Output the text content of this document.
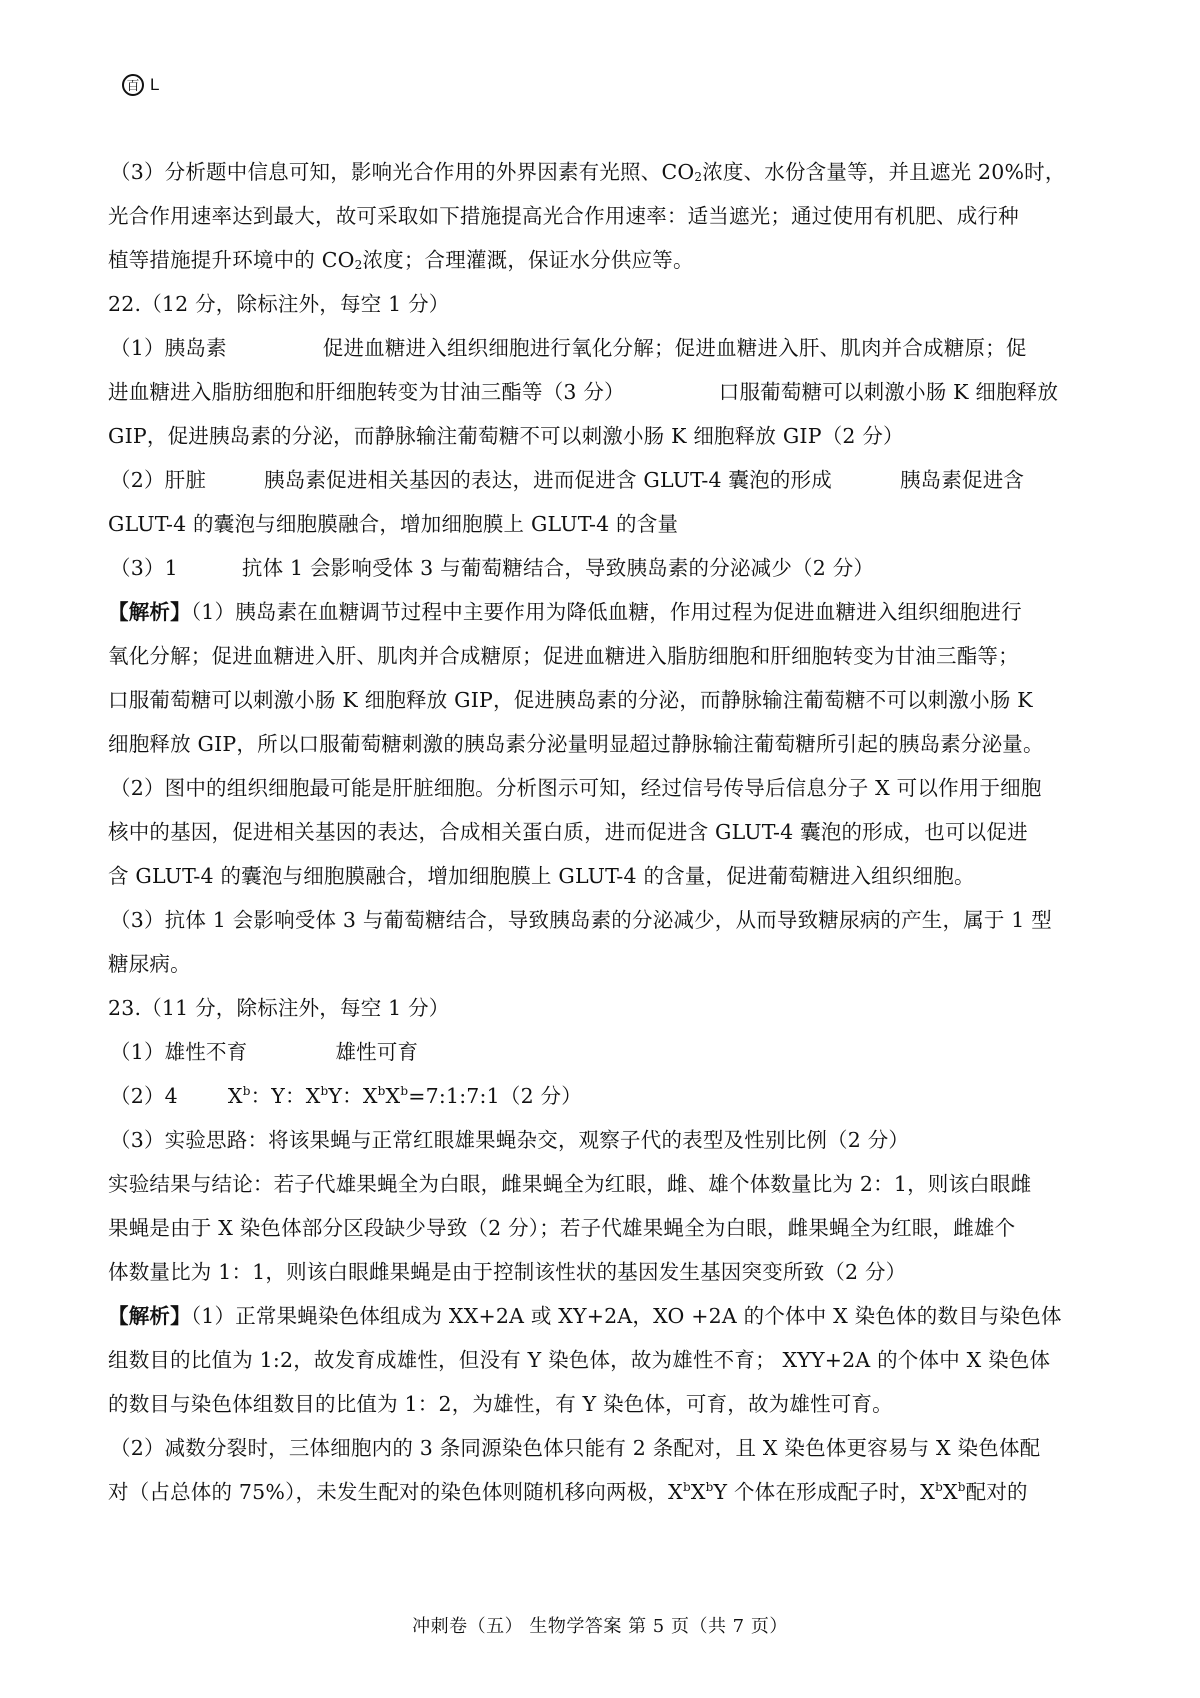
百 L
（3）分析题中信息可知，影响光合作用的外界因素有光照、$CO_2$浓度、水份含量等，并且遮光 20%时，
光合作用速率达到最大，故可采取如下措施提高光合作用速率：适当遮光；通过使用有机肥、成行种
植等措施提升环境中的 $CO_2$浓度；合理灌溉，保证水分供应等。
22.（12 分，除标注外，每空 1 分）
（1）胰岛素	促进血糖进入组织细胞进行氧化分解；促进血糖进入肝、肌肉并合成糖原；促
进血糖进入脂肪细胞和肝细胞转变为甘油三酯等（3 分）	口服葡萄糖可以刺激小肠 K 细胞释放
GIP，促进胰岛素的分泌，而静脉输注葡萄糖不可以刺激小肠 K 细胞释放 GIP（2 分）
（2）肝脏	胰岛素促进相关基因的表达，进而促进含 GLUT-4 囊泡的形成	胰岛素促进含
GLUT-4 的囊泡与细胞膜融合，增加细胞膜上 GLUT-4 的含量
（3）1	抗体 1 会影响受体 3 与葡萄糖结合，导致胰岛素的分泌减少（2 分）
【解析】（1）胰岛素在血糖调节过程中主要作用为降低血糖，作用过程为促进血糖进入组织细胞进行
氧化分解；促进血糖进入肝、肌肉并合成糖原；促进血糖进入脂肪细胞和肝细胞转变为甘油三酯等；
口服葡萄糖可以刺激小肠 K 细胞释放 GIP，促进胰岛素的分泌，而静脉输注葡萄糖不可以刺激小肠 K
细胞释放 GIP，所以口服葡萄糖刺激的胰岛素分泌量明显超过静脉输注葡萄糖所引起的胰岛素分泌量。
（2）图中的组织细胞最可能是肝脏细胞。分析图示可知，经过信号传导后信息分子 X 可以作用于细胞
核中的基因，促进相关基因的表达，合成相关蛋白质，进而促进含 GLUT-4 囊泡的形成，也可以促进
含 GLUT-4 的囊泡与细胞膜融合，增加细胞膜上 GLUT-4 的含量，促进葡萄糖进入组织细胞。
（3）抗体 1 会影响受体 3 与葡萄糖结合，导致胰岛素的分泌减少，从而导致糖尿病的产生，属于 1 型
糖尿病。
23.（11 分，除标注外，每空 1 分）
（1）雄性不育	雄性可育
（2）4 $X^b$：Y：$X^bY$：$X^bX^b=7:1:7:1(2$ 分）
（3）实验思路：将该果蝇与正常红眼雄果蝇杂交，观察子代的表型及性别比例（2 分）
实验结果与结论：若子代雄果蝇全为白眼，雌果蝇全为红眼，雌、雄个体数量比为 2：1，则该白眼雌
果蝇是由于 X 染色体部分区段缺少导致（2 分）；若子代雄果蝇全为白眼，雌果蝇全为红眼，雌雄个
体数量比为 1：1，则该白眼雌果蝇是由于控制该性状的基因发生基因突变所致（2 分）
【解析】（1）正常果蝇染色体组成为 XX+2A 或 XY+2A，XO +2A 的个体中 X 染色体的数目与染色体
组数目的比值为 1:2，故发育成雄性，但没有 Y 染色体，故为雄性不育； XYY+2A 的个体中 X 染色体
的数目与染色体组数目的比值为 1：2，为雄性，有 Y 染色体，可育，故为雄性可育。
（2）减数分裂时，三体细胞内的 3 条同源染色体只能有 2 条配对，且 X 染色体更容易与 X 染色体配
对（占总体的 75%），未发生配对的染色体则随机移向两极，$X^bX^bY$ 个体在形成配子时，$X^bX^b$配对的
冲刺卷（五） 生物学答案 第 5 页（共 7 页）
